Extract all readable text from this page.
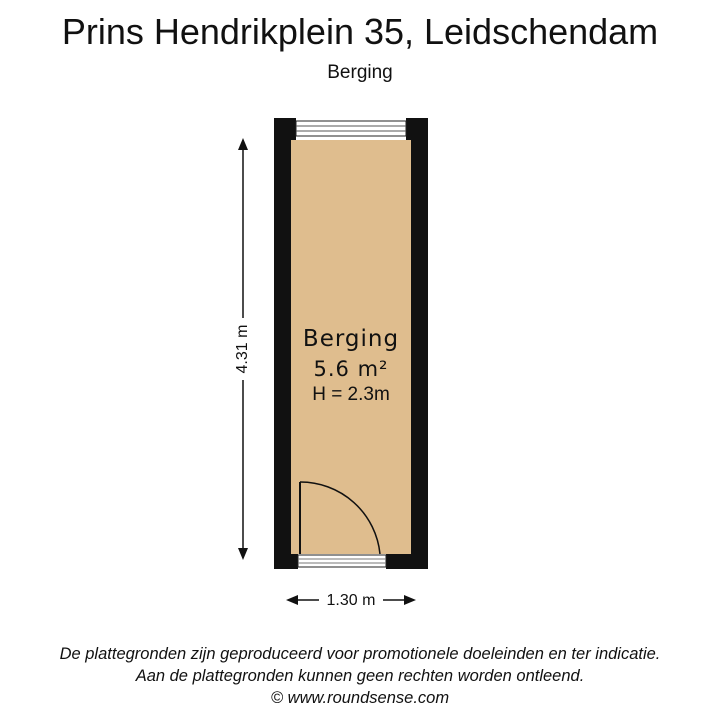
Prins Hendrikplein 35, Leidschendam
Berging
4.31 m
1.30 m
Berging
5.6 m²
H = 2.3m
De plattegronden zijn geproduceerd voor promotionele doeleinden en ter indicatie.
Aan de plattegronden kunnen geen rechten worden ontleend.
© www.roundsense.com
